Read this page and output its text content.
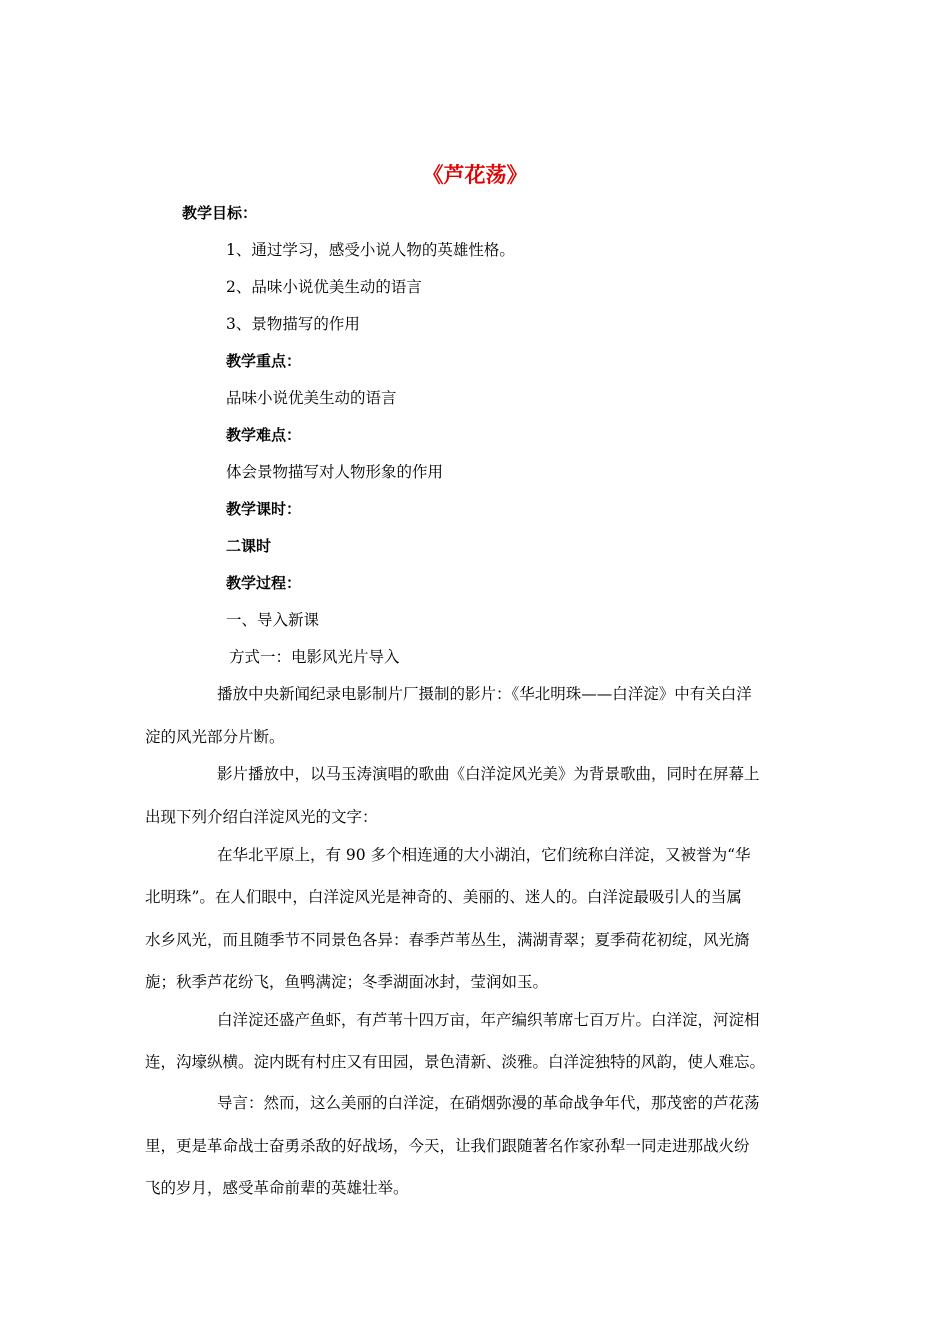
《芦花荡》
教学目标：
1、通过学习，感受小说人物的英雄性格。
2、品味小说优美生动的语言
3、景物描写的作用
教学重点：
品味小说优美生动的语言
教学难点：
体会景物描写对人物形象的作用
教学课时：
二课时
教学过程：
一、导入新课
方式一：电影风光片导入
播放中央新闻纪录电影制片厂摄制的影片：《华北明珠——白洋淀》中有关白洋
淀的风光部分片断。
影片播放中，以马玉涛演唱的歌曲《白洋淀风光美》为背景歌曲，同时在屏幕上
出现下列介绍白洋淀风光的文字：
在华北平原上，有 90 多个相连通的大小湖泊，它们统称白洋淀，又被誉为“华
北明珠”。在人们眼中，白洋淀风光是神奇的、美丽的、迷人的。白洋淀最吸引人的当属
水乡风光，而且随季节不同景色各异：春季芦苇丛生，满湖青翠；夏季荷花初绽，风光旖
旎；秋季芦花纷飞，鱼鸭满淀；冬季湖面冰封，莹润如玉。
白洋淀还盛产鱼虾，有芦苇十四万亩，年产编织苇席七百万片。白洋淀，河淀相
连，沟壕纵横。淀内既有村庄又有田园，景色清新、淡雅。白洋淀独特的风韵，使人难忘。
导言：然而，这么美丽的白洋淀，在硝烟弥漫的革命战争年代，那茂密的芦花荡
里，更是革命战士奋勇杀敌的好战场，今天，让我们跟随著名作家孙犁一同走进那战火纷
飞的岁月，感受革命前辈的英雄壮举。
